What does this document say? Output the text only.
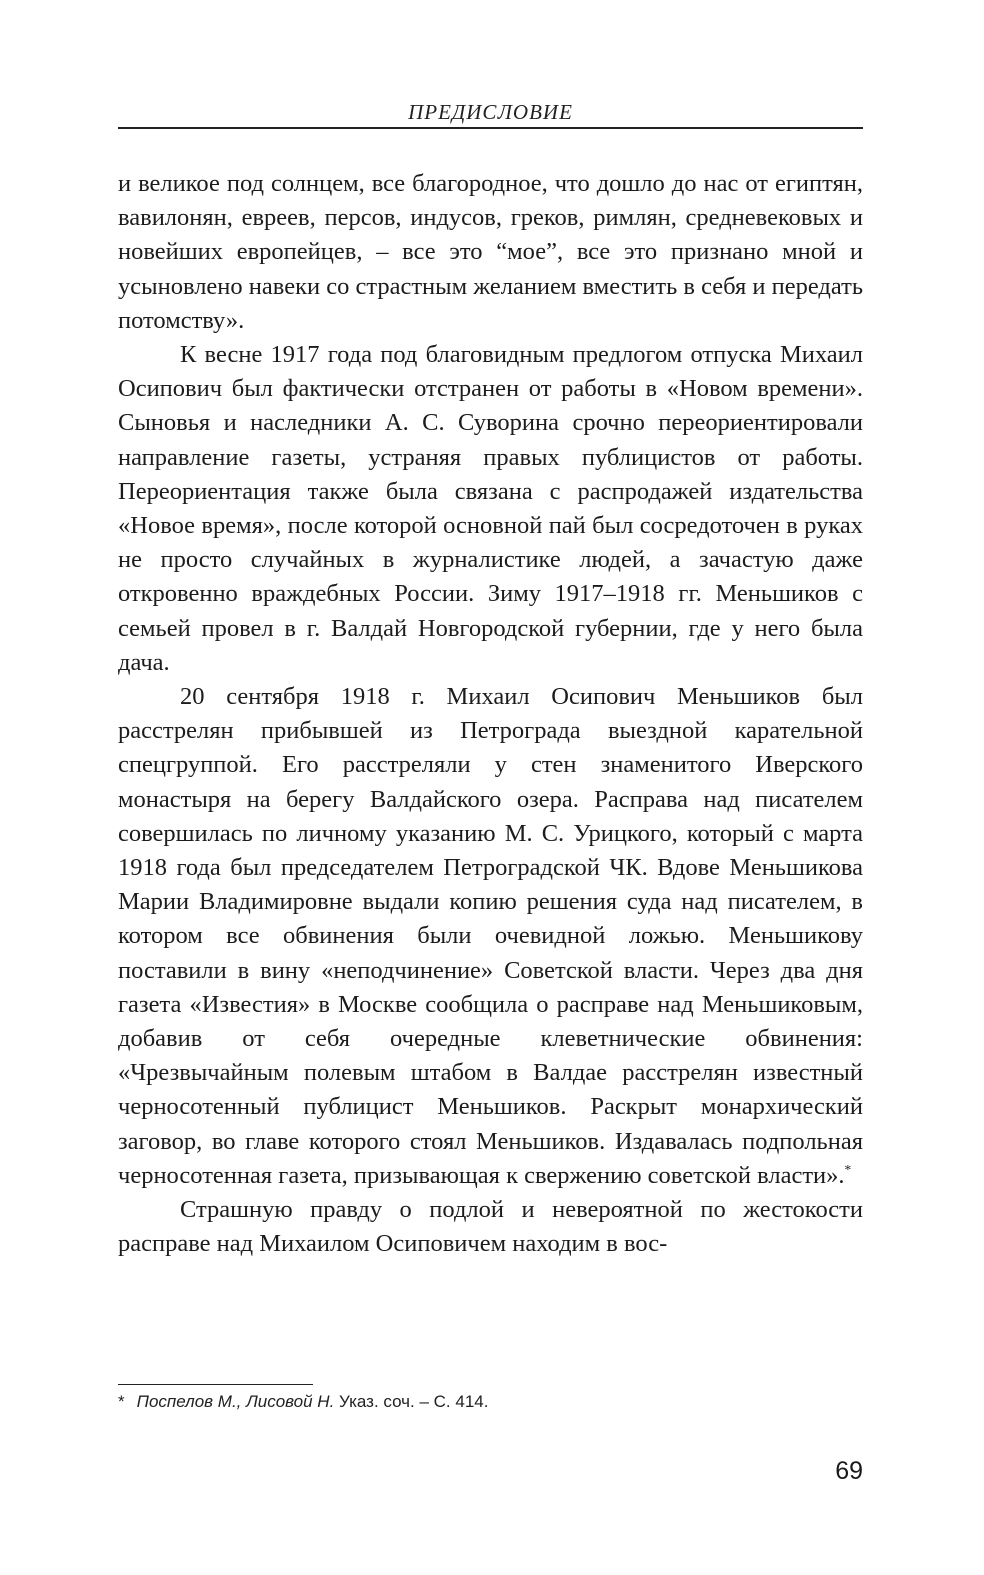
ПРЕДИСЛОВИЕ

и великое под солнцем, все благородное, что дошло до нас от египтян, вавилонян, евреев, персов, индусов, греков, римлян, средневековых и новейших европейцев, – все это “мое”, все это признано мной и усыновлено навеки со страстным желанием вместить в себя и передать потомству».

К весне 1917 года под благовидным предлогом отпуска Михаил Осипович был фактически отстранен от работы в «Новом времени». Сыновья и наследники А. С. Суворина срочно переориентировали направление газеты, устраняя правых публицистов от работы. Переориентация также была связана с распродажей издательства «Новое время», после которой основной пай был сосредоточен в руках не просто случайных в журналистике людей, а зачастую даже откровенно враждебных России. Зиму 1917–1918 гг. Меньшиков с семьей провел в г. Валдай Новгородской губернии, где у него была дача.

20 сентября 1918 г. Михаил Осипович Меньшиков был расстрелян прибывшей из Петрограда выездной карательной спецгруппой. Его расстреляли у стен знаменитого Иверского монастыря на берегу Валдайского озера. Расправа над писателем совершилась по личному указанию М. С. Урицкого, который с марта 1918 года был председателем Петроградской ЧК. Вдове Меньшикова Марии Владимировне выдали копию решения суда над писателем, в котором все обвинения были очевидной ложью. Меньшикову поставили в вину «неподчинение» Советской власти. Через два дня газета «Известия» в Москве сообщила о расправе над Меньшиковым, добавив от себя очередные клеветнические обвинения: «Чрезвычайным полевым штабом в Валдае расстрелян известный черносотенный публицист Меньшиков. Раскрыт монархический заговор, во главе которого стоял Меньшиков. Издавалась подпольная черносотенная газета, призывающая к свержению советской власти».*

Страшную правду о подлой и невероятной по жестокости расправе над Михаилом Осиповичем находим в вос-

* Поспелов М., Лисовой Н. Указ. соч. – С. 414.
69
